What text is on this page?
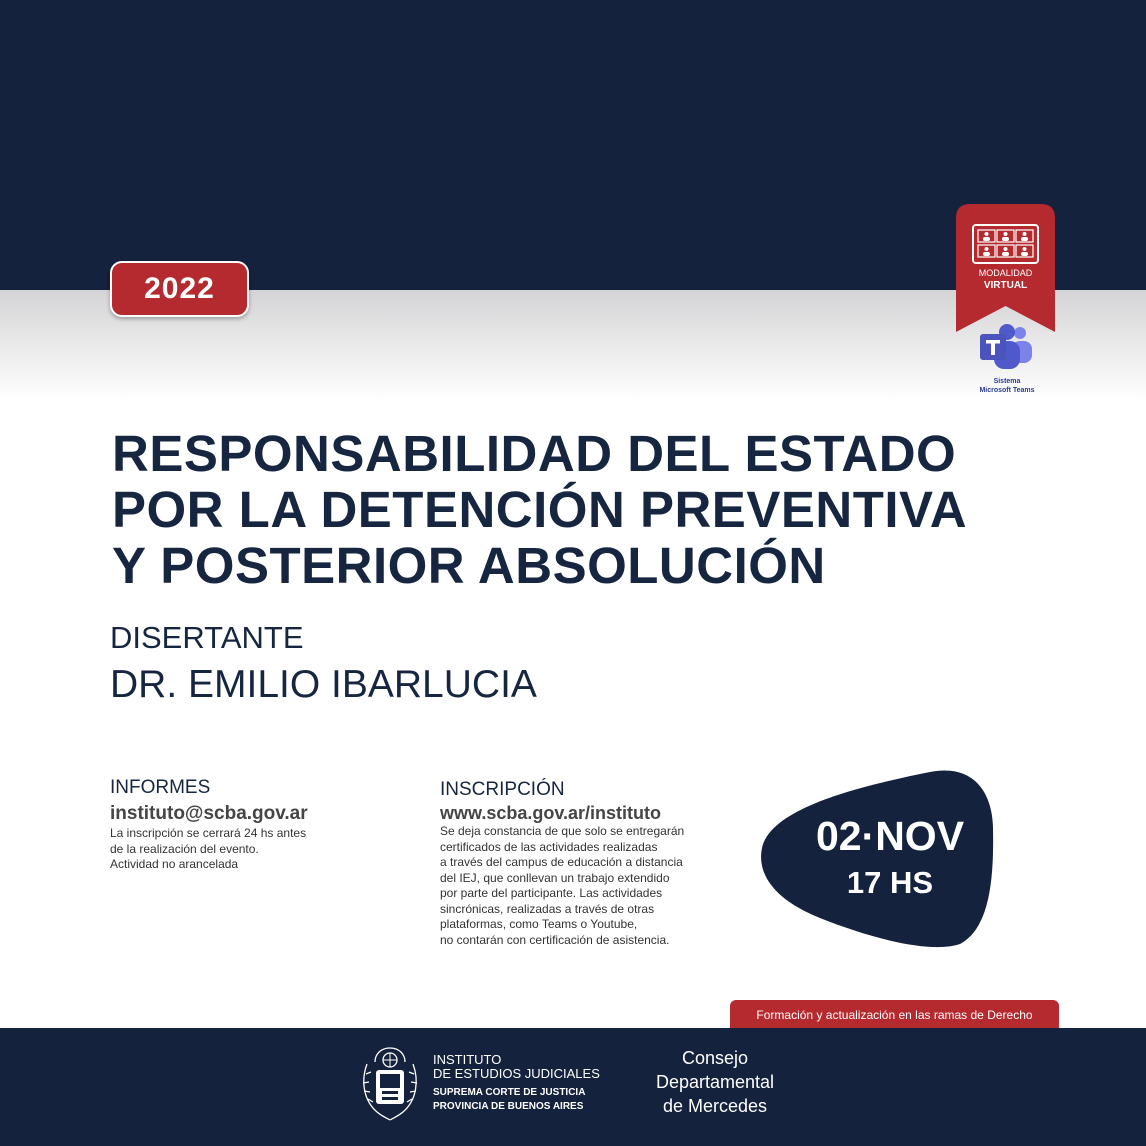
2022	MODALIDAD
VIRTUAL
Sistema
Microsoft Teams
RESPONSABILIDAD DEL ESTADO
POR LA DETENCIÓN PREVENTIVA
Y POSTERIOR ABSOLUCIÓN
DISERTANTE
DR. EMILIO IBARLUCIA
INFORMES
instituto@scba.gov.ar
La inscripción se cerrará 24 hs antes
de la realización del evento.
Actividad no arancelada
INSCRIPCIÓN
www.scba.gov.ar/instituto
Se deja constancia de que solo se entregarán
certificados de las actividades realizadas
a través del campus de educación a distancia
del IEJ, que conllevan un trabajo extendido
por parte del participante. Las actividades
sincrónicas, realizadas a través de otras
plataformas, como Teams o Youtube,
no contarán con certificación de asistencia.
02·NOV
17 HS
Formación y actualización en las ramas de Derecho
INSTITUTO
DE ESTUDIOS JUDICIALES
SUPREMA CORTE DE JUSTICIA
PROVINCIA DE BUENOS AIRES
Consejo
Departamental
de Mercedes
